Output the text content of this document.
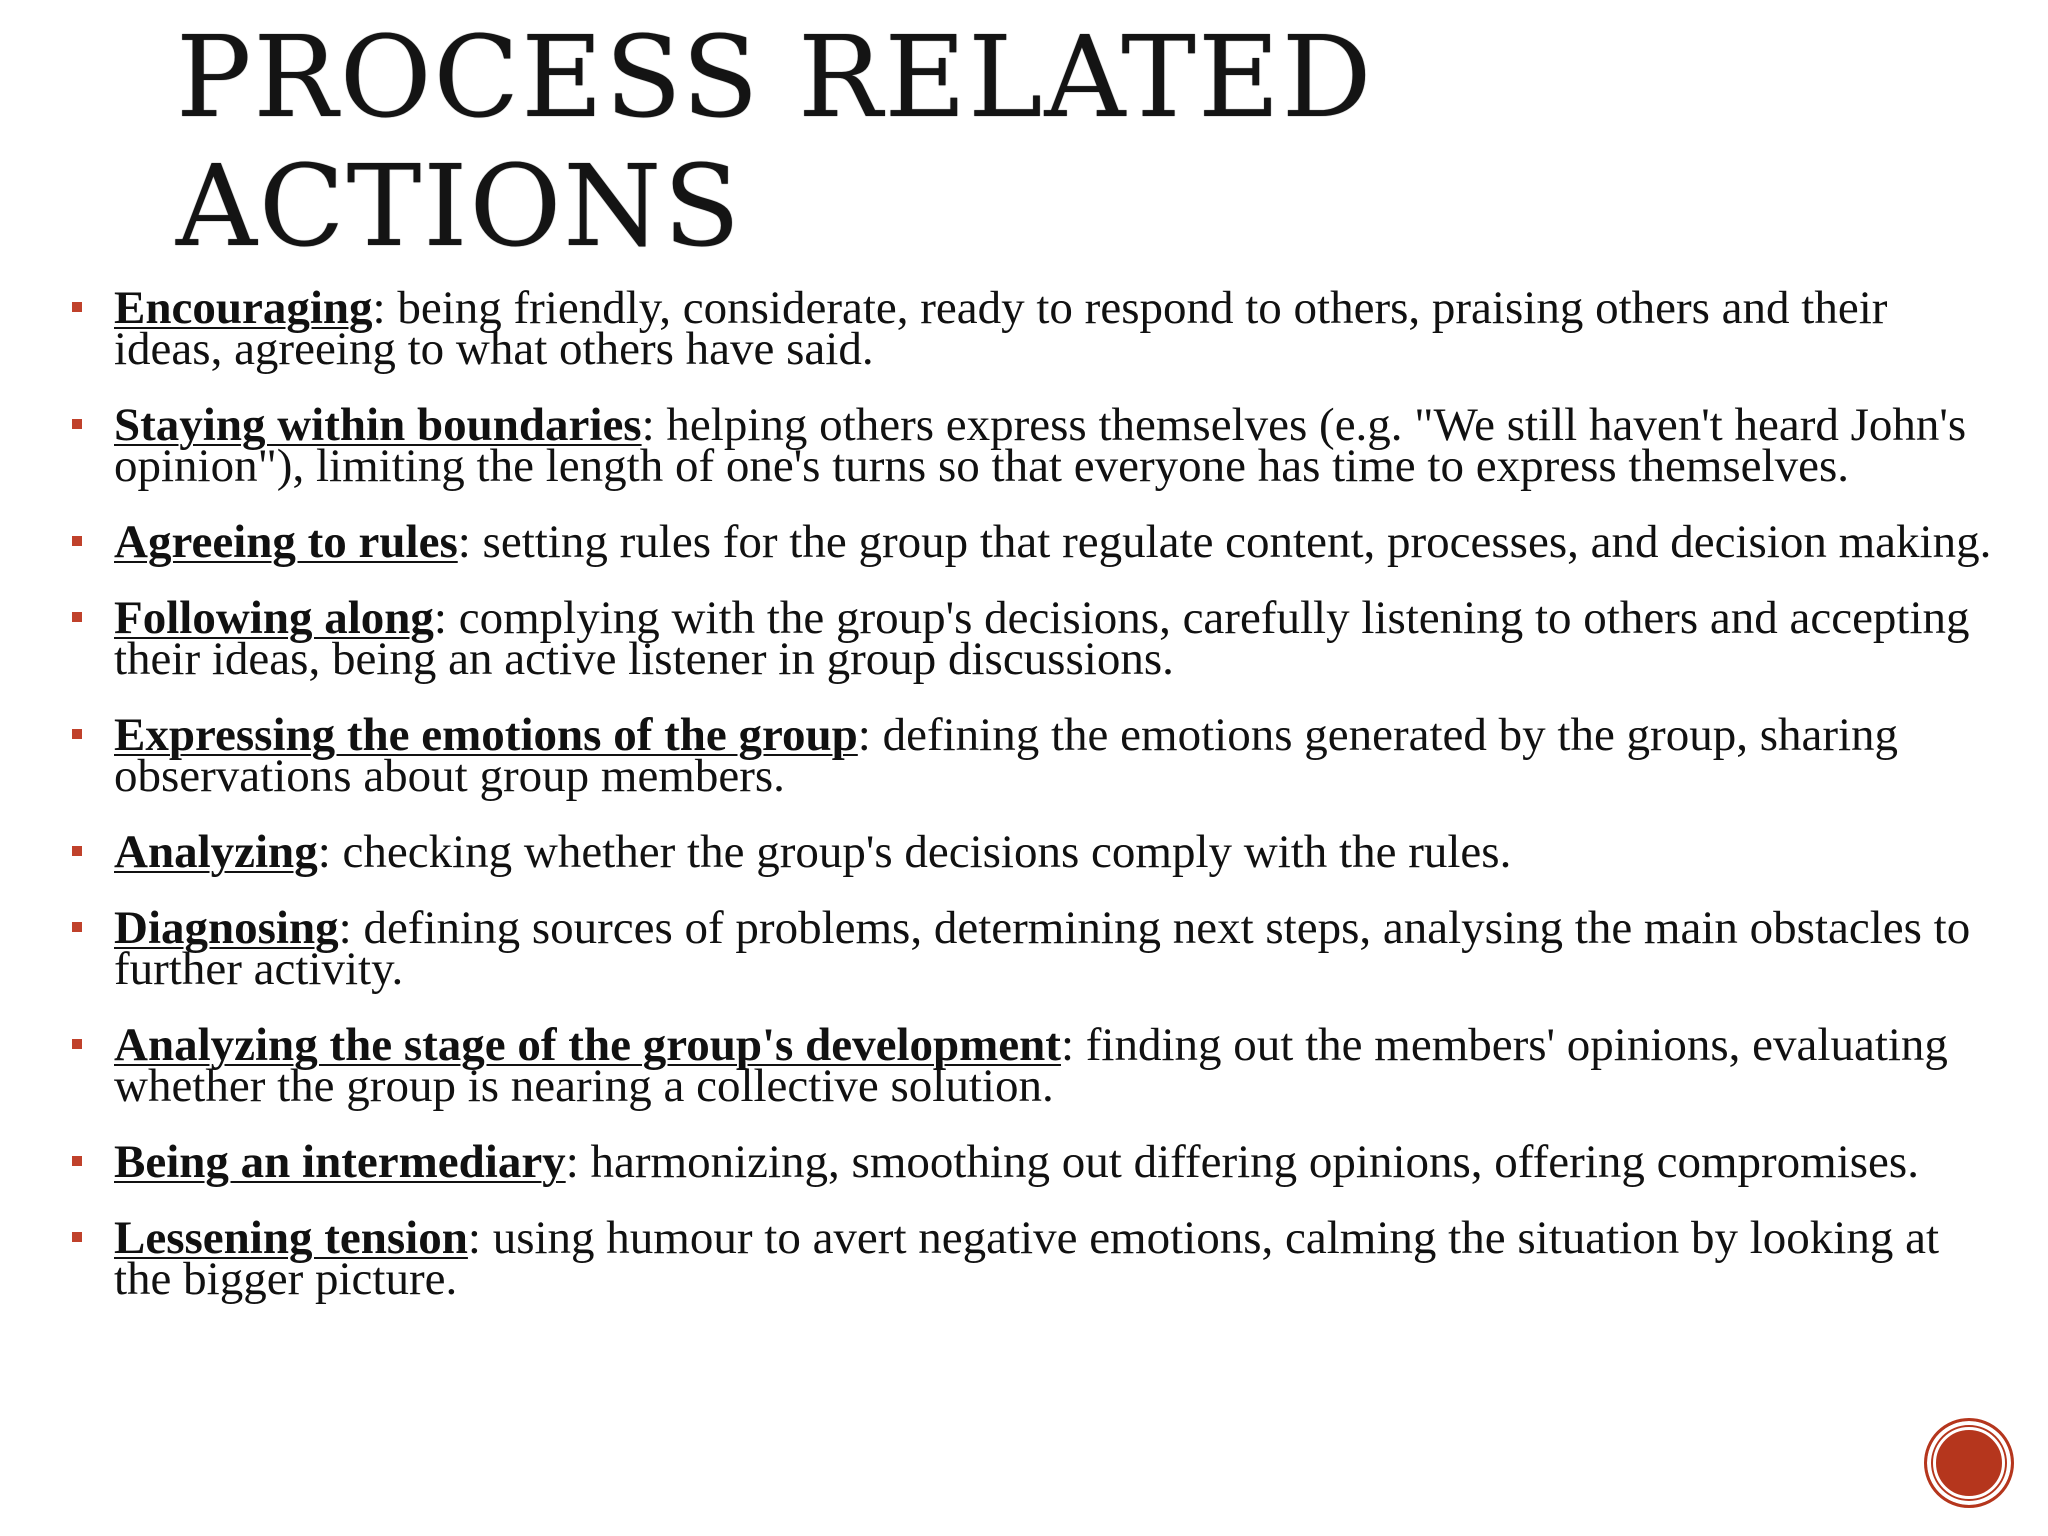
PROCESS RELATED
ACTIONS
Encouraging: being friendly, considerate, ready to respond to others, praising others and their ideas, agreeing to what others have said.
Staying within boundaries: helping others express themselves (e.g. "We still haven't heard John's opinion"), limiting the length of one's turns so that everyone has time to express themselves.
Agreeing to rules: setting rules for the group that regulate content, processes, and decision making.
Following along: complying with the group's decisions, carefully listening to others and accepting their ideas, being an active listener in group discussions.
Expressing the emotions of the group: defining the emotions generated by the group, sharing observations about group members.
Analyzing: checking whether the group's decisions comply with the rules.
Diagnosing: defining sources of problems, determining next steps, analysing the main obstacles to further activity.
Analyzing the stage of the group's development: finding out the members' opinions, evaluating whether the group is nearing a collective solution.
Being an intermediary: harmonizing, smoothing out differing opinions, offering compromises.
Lessening tension: using humour to avert negative emotions, calming the situation by looking at the bigger picture.
